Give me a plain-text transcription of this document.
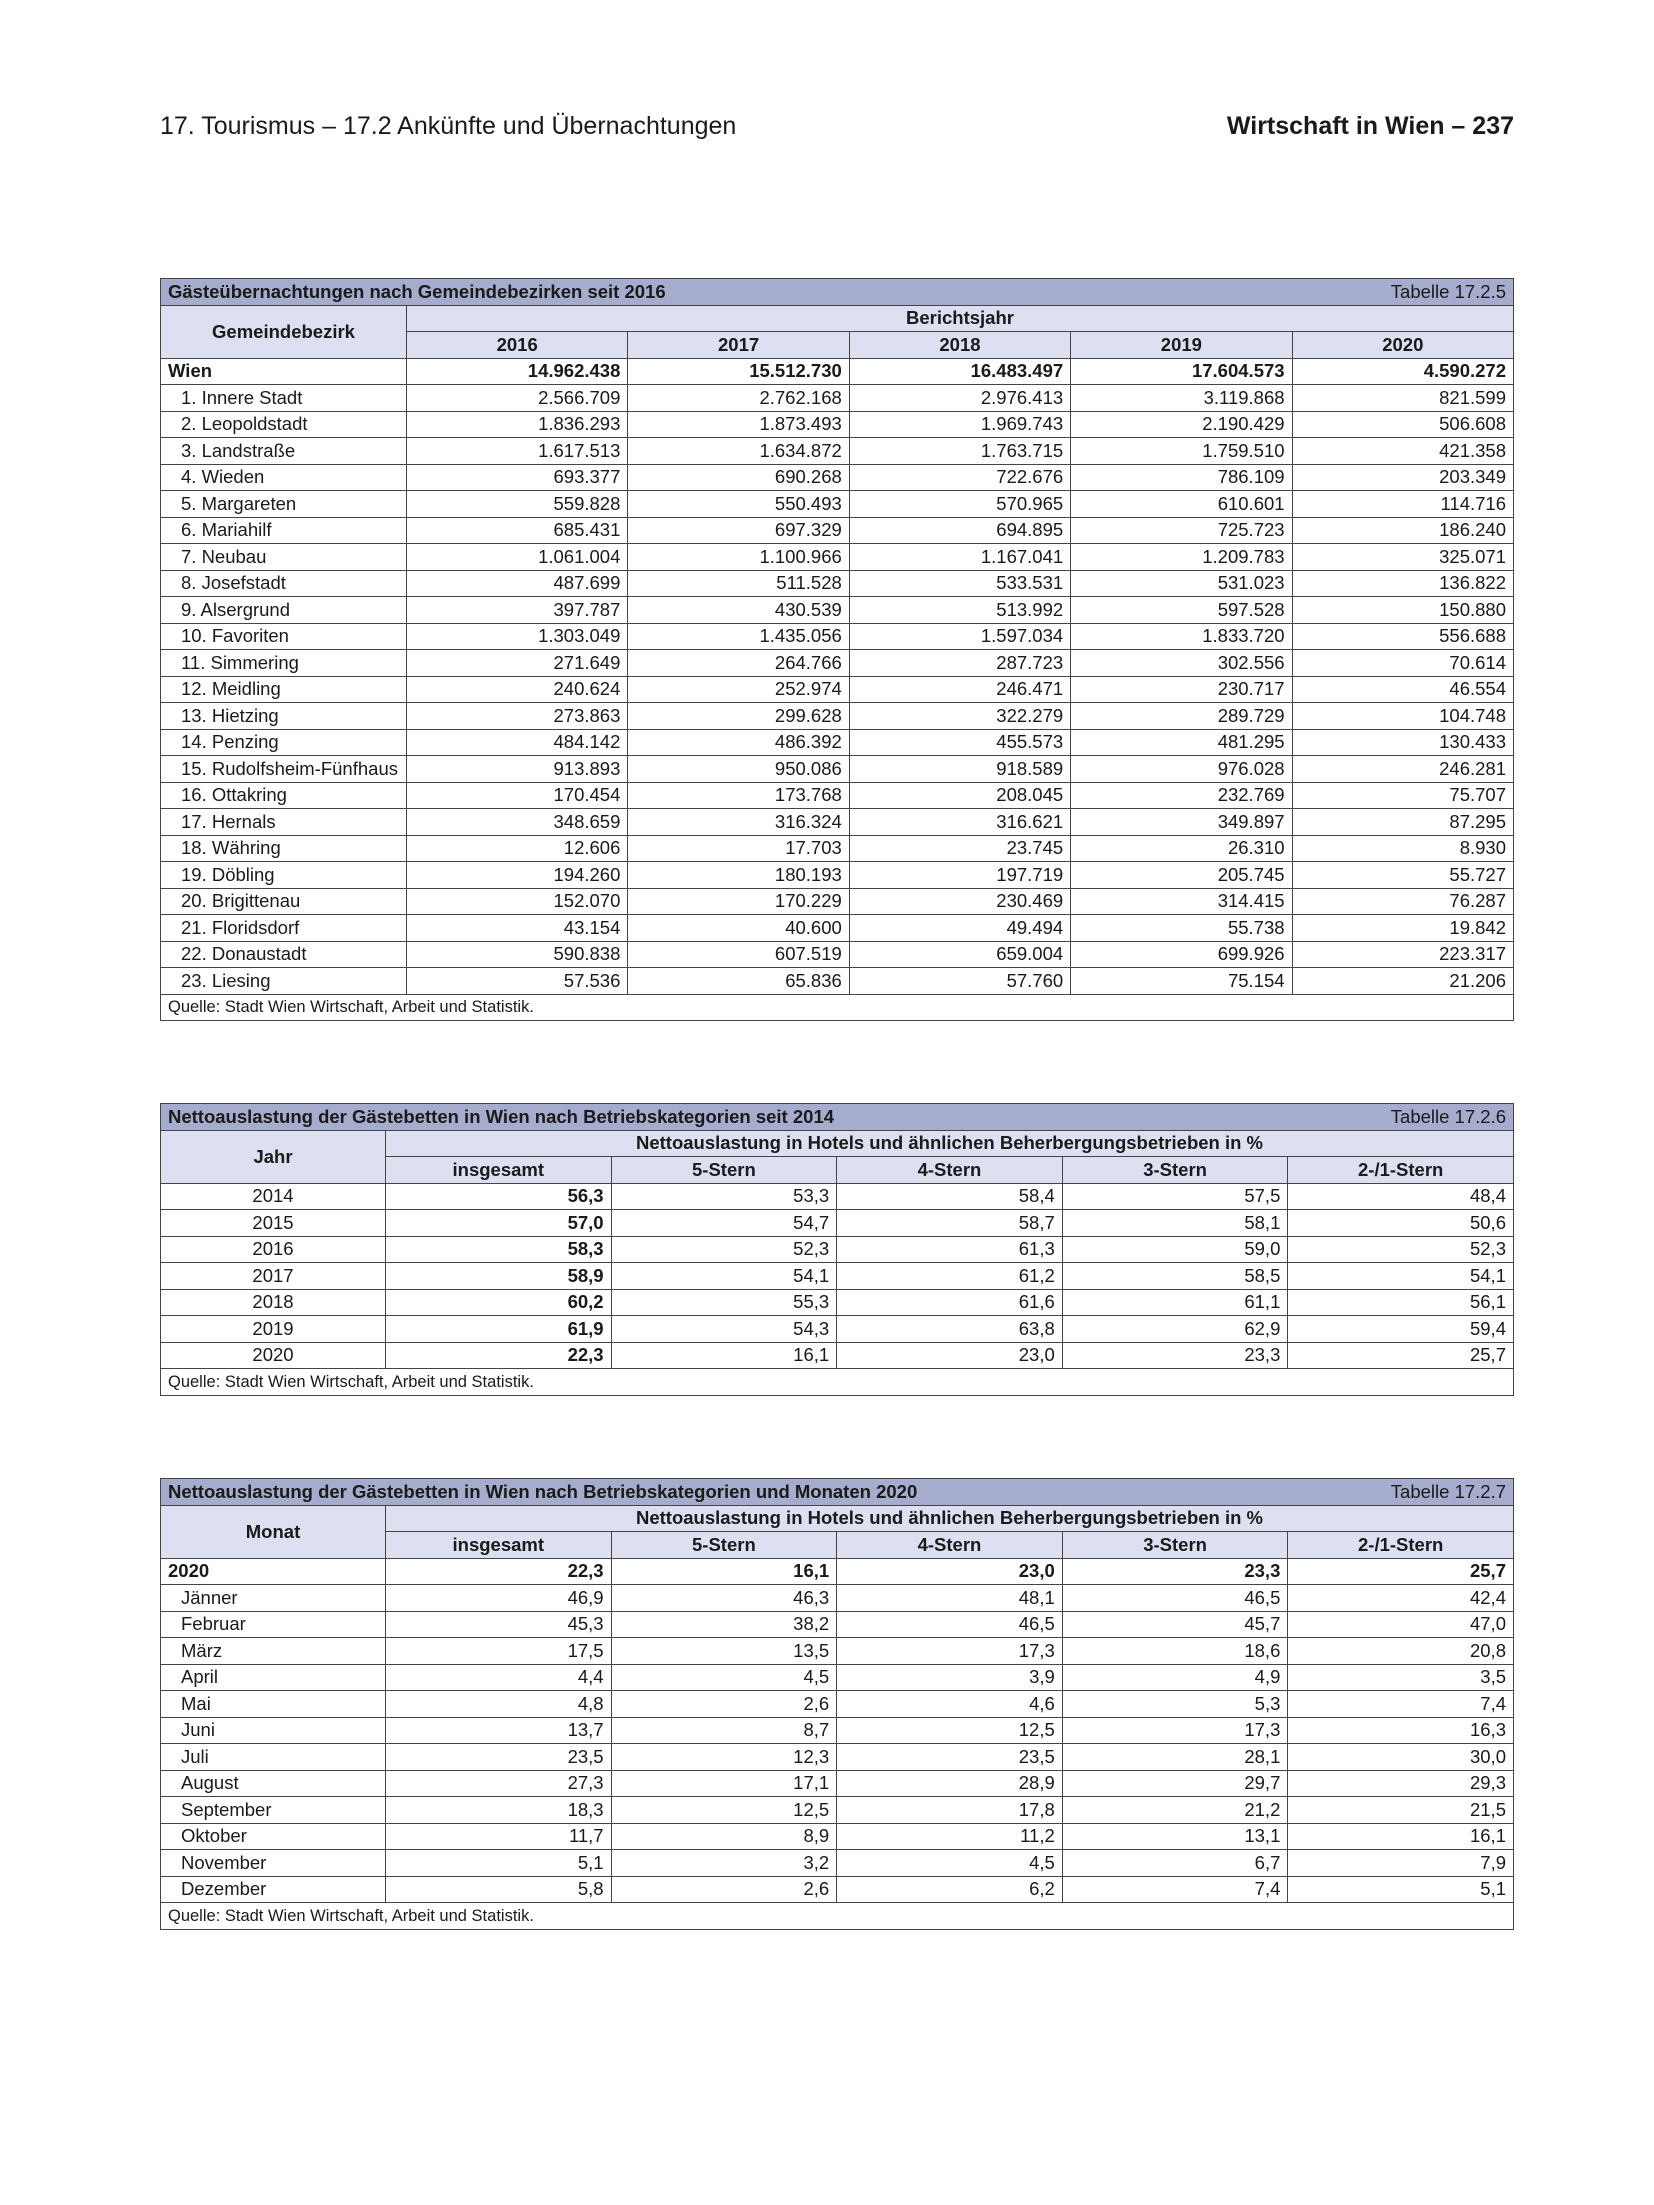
17. Tourismus – 17.2 Ankünfte und Übernachtungen	Wirtschaft in Wien – 237
Gästeübernachtungen nach Gemeindebezirken seit 2016 Tabelle 17.2.5					

Gemeindebezirk	Berichtsjahr				
	2016	2017	2018	2019	2020
Wien	14.962.438	15.512.730	16.483.497	17.604.573	4.590.272
1. Innere Stadt	2.566.709	2.762.168	2.976.413	3.119.868	821.599
2. Leopoldstadt	1.836.293	1.873.493	1.969.743	2.190.429	506.608
3. Landstraße	1.617.513	1.634.872	1.763.715	1.759.510	421.358
4. Wieden	693.377	690.268	722.676	786.109	203.349
5. Margareten	559.828	550.493	570.965	610.601	114.716
6. Mariahilf	685.431	697.329	694.895	725.723	186.240
7. Neubau	1.061.004	1.100.966	1.167.041	1.209.783	325.071
8. Josefstadt	487.699	511.528	533.531	531.023	136.822
9. Alsergrund	397.787	430.539	513.992	597.528	150.880
10. Favoriten	1.303.049	1.435.056	1.597.034	1.833.720	556.688
11. Simmering	271.649	264.766	287.723	302.556	70.614
12. Meidling	240.624	252.974	246.471	230.717	46.554
13. Hietzing	273.863	299.628	322.279	289.729	104.748
14. Penzing	484.142	486.392	455.573	481.295	130.433
15. Rudolfsheim-Fünfhaus	913.893	950.086	918.589	976.028	246.281
16. Ottakring	170.454	173.768	208.045	232.769	75.707
17. Hernals	348.659	316.324	316.621	349.897	87.295
18. Währing	12.606	17.703	23.745	26.310	8.930
19. Döbling	194.260	180.193	197.719	205.745	55.727
20. Brigittenau	152.070	170.229	230.469	314.415	76.287
21. Floridsdorf	43.154	40.600	49.494	55.738	19.842
22. Donaustadt	590.838	607.519	659.004	699.926	223.317
23. Liesing	57.536	65.836	57.760	75.154	21.206
Quelle: Stadt Wien Wirtschaft, Arbeit und Statistik.					
Nettoauslastung der Gästebetten in Wien nach Betriebskategorien seit 2014 Tabelle 17.2.6					

Jahr	Nettoauslastung in Hotels und ähnlichen Beherbergungsbetrieben in %				
	insgesamt	5-Stern	4-Stern	3-Stern	2-/1-Stern
2014	56,3	53,3	58,4	57,5	48,4
2015	57,0	54,7	58,7	58,1	50,6
2016	58,3	52,3	61,3	59,0	52,3
2017	58,9	54,1	61,2	58,5	54,1
2018	60,2	55,3	61,6	61,1	56,1
2019	61,9	54,3	63,8	62,9	59,4
2020	22,3	16,1	23,0	23,3	25,7
Quelle: Stadt Wien Wirtschaft, Arbeit und Statistik.					
Nettoauslastung der Gästebetten in Wien nach Betriebskategorien und Monaten 2020 Tabelle 17.2.7					

Monat	Nettoauslastung in Hotels und ähnlichen Beherbergungsbetrieben in %				
	insgesamt	5-Stern	4-Stern	3-Stern	2-/1-Stern
2020	22,3	16,1	23,0	23,3	25,7
Jänner	46,9	46,3	48,1	46,5	42,4
Februar	45,3	38,2	46,5	45,7	47,0
März	17,5	13,5	17,3	18,6	20,8
April	4,4	4,5	3,9	4,9	3,5
Mai	4,8	2,6	4,6	5,3	7,4
Juni	13,7	8,7	12,5	17,3	16,3
Juli	23,5	12,3	23,5	28,1	30,0
August	27,3	17,1	28,9	29,7	29,3
September	18,3	12,5	17,8	21,2	21,5
Oktober	11,7	8,9	11,2	13,1	16,1
November	5,1	3,2	4,5	6,7	7,9
Dezember	5,8	2,6	6,2	7,4	5,1
Quelle: Stadt Wien Wirtschaft, Arbeit und Statistik.					
